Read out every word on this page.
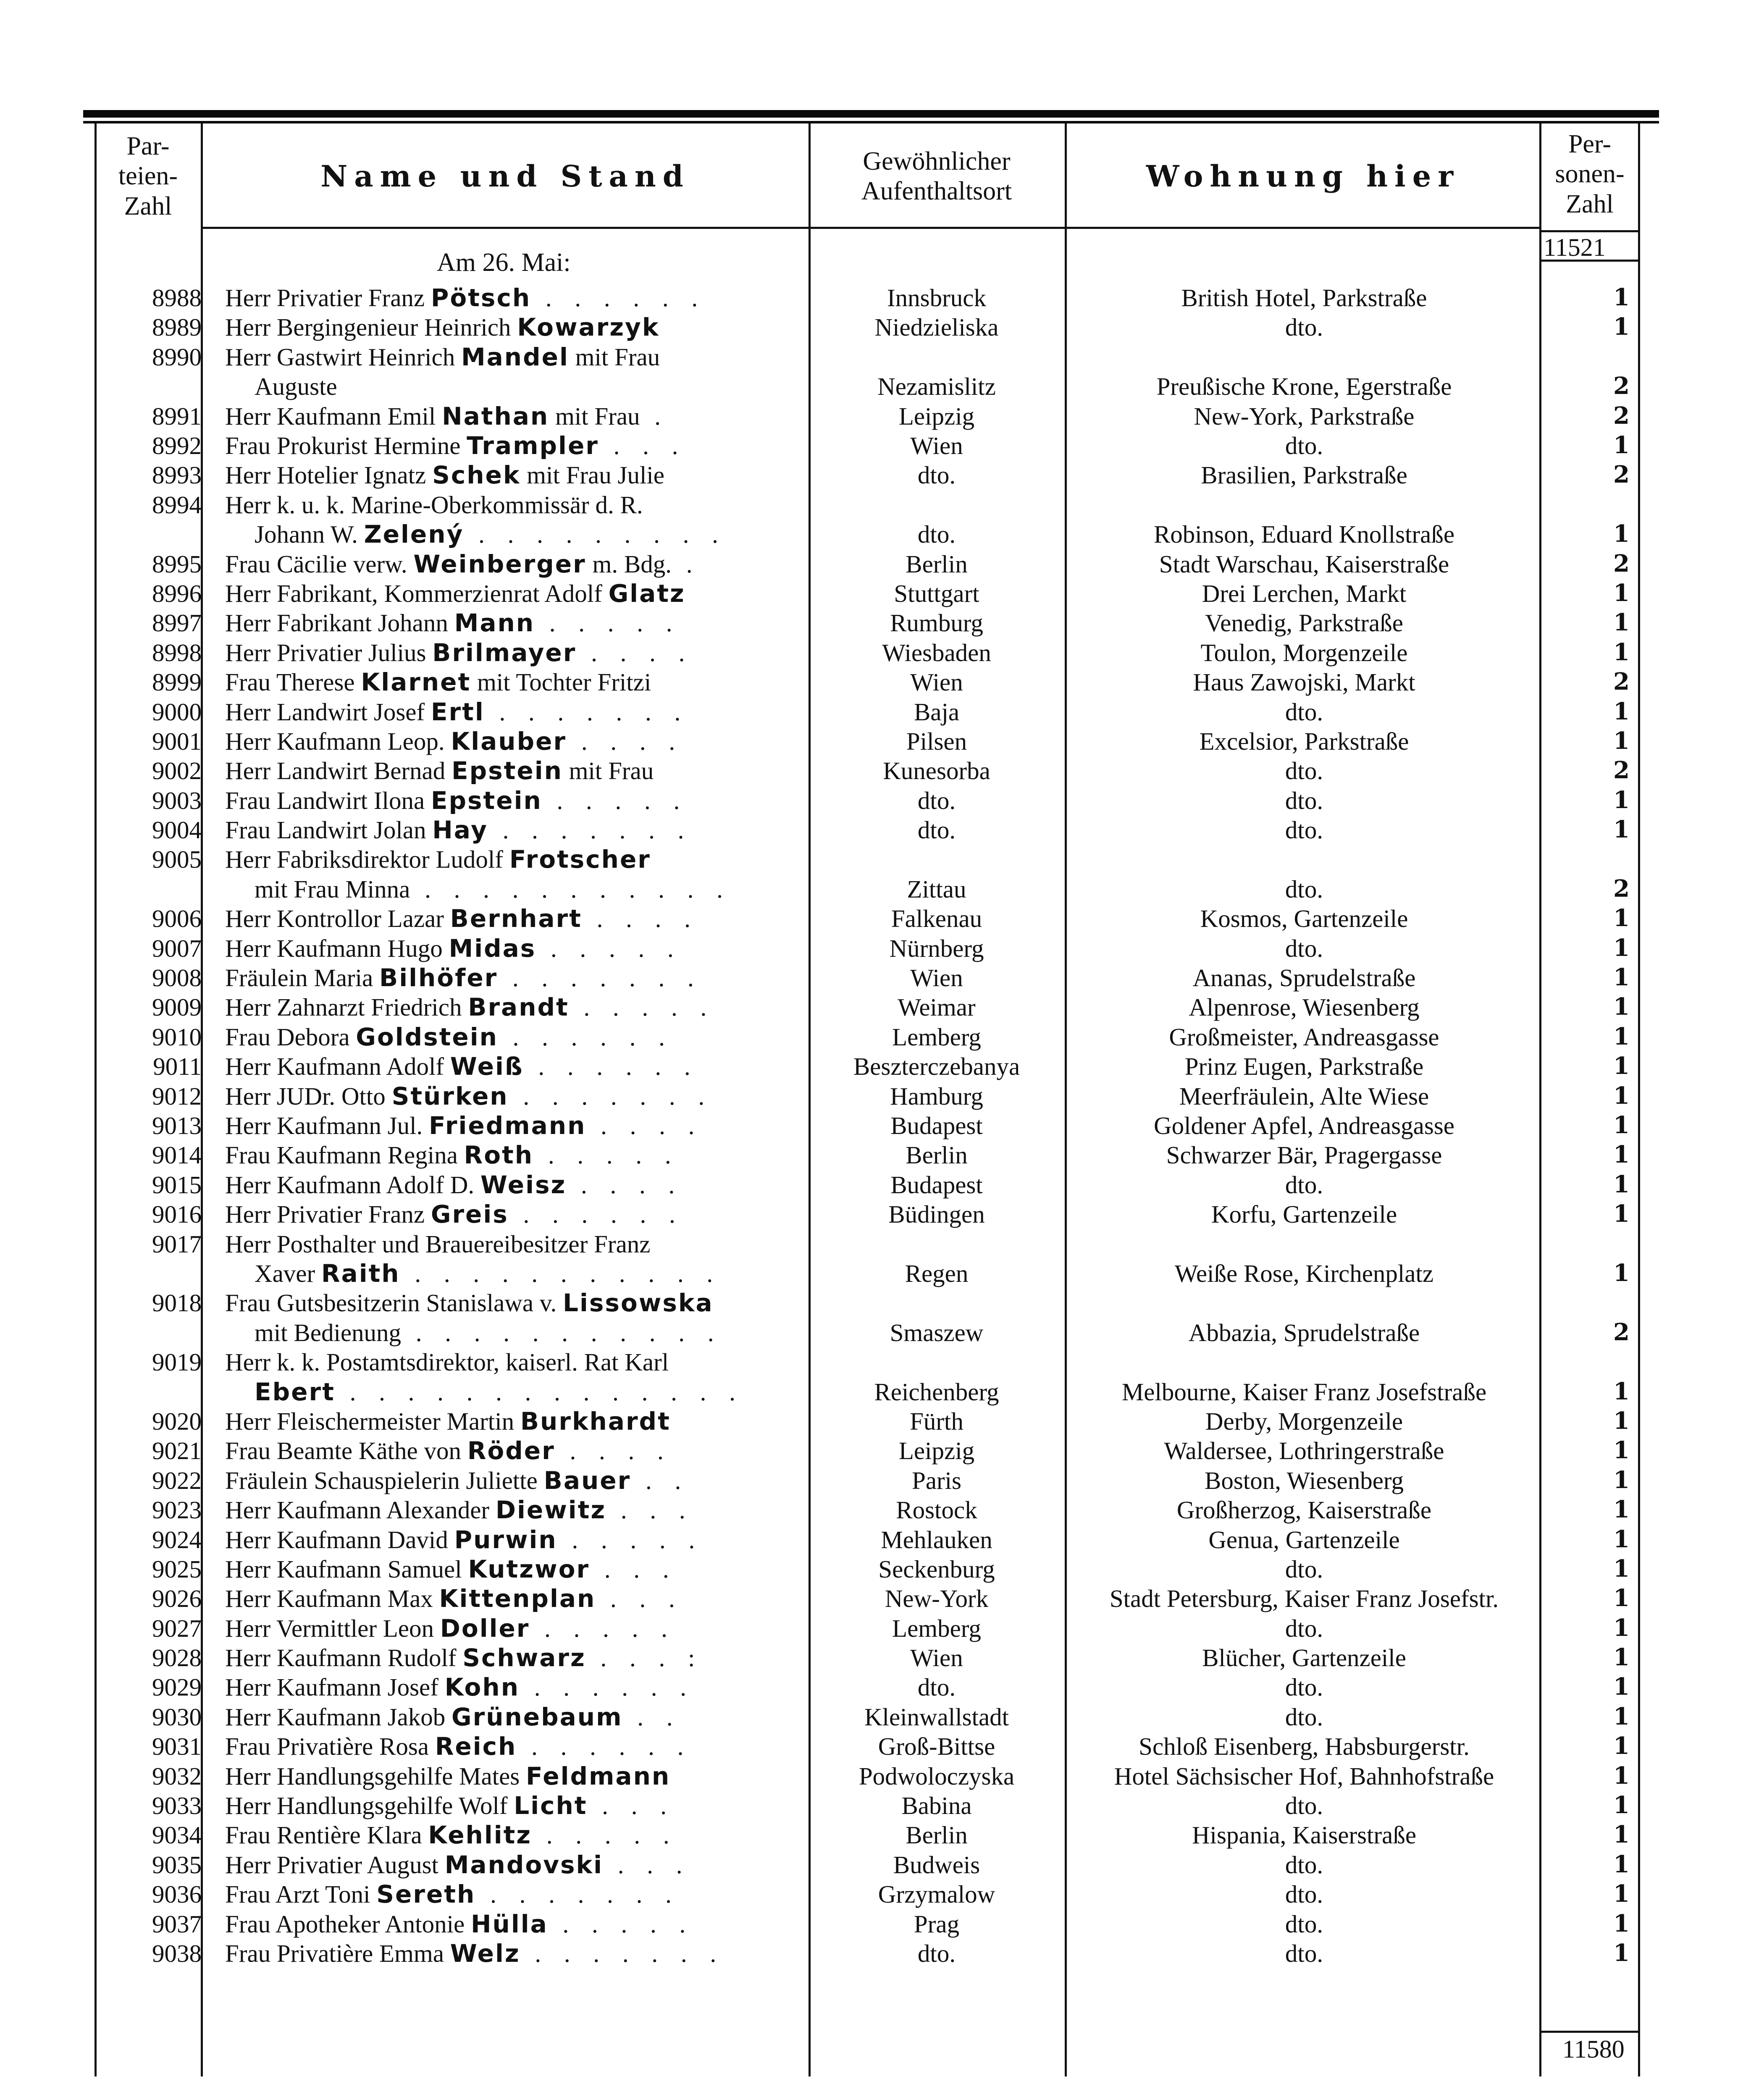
Par-
teien-
Zahl
Name und Stand	Gewöhnlicher
Aufenthaltsort	Wohnung hier
Per-
sonen-
Zahl
11521
Am 26. Mai:
8988 Herr Privatier Franz Pötsch . . . . . .	Innsbruck	British Hotel, Parkstraße	1
8989 Herr Bergingenieur Heinrich Kowarzyk	Niedzieliska	dto.	1
8990 Herr Gastwirt Heinrich Mandel mit Frau
Auguste	Nezamislitz	Preußische Krone, Egerstraße	2
8991 Herr Kaufmann Emil Nathan mit Frau .	Leipzig	New-York, Parkstraße	2
8992 Frau Prokurist Hermine Trampler . . .	Wien	dto.	1
8993 Herr Hotelier Ignatz Schek mit Frau Julie	dto.	Brasilien, Parkstraße	2
8994 Herr k. u. k. Marine-Oberkommissär d. R.
Johann W. Zelený . . . . . . . . .	dto.	Robinson, Eduard Knollstraße	1
8995 Frau Cäcilie verw. Weinberger m. Bdg. .	Berlin	Stadt Warschau, Kaiserstraße	2
8996 Herr Fabrikant, Kommerzienrat Adolf Glatz	Stuttgart	Drei Lerchen, Markt	1
8997 Herr Fabrikant Johann Mann . . . . .	Rumburg	Venedig, Parkstraße	1
8998 Herr Privatier Julius Brilmayer . . . .	Wiesbaden	Toulon, Morgenzeile	1
8999 Frau Therese Klarnet mit Tochter Fritzi	Wien	Haus Zawojski, Markt	2
9000 Herr Landwirt Josef Ertl . . . . . . .	Baja	dto.	1
9001 Herr Kaufmann Leop. Klauber . . . .	Pilsen	Excelsior, Parkstraße	1
9002 Herr Landwirt Bernad Epstein mit Frau	Kunesorba	dto.	2
9003 Frau Landwirt Ilona Epstein . . . . .	dto.	dto.	1
9004 Frau Landwirt Jolan Hay . . . . . . .	dto.	dto.	1
9005 Herr Fabriksdirektor Ludolf Frotscher
mit Frau Minna . . . . . . . . . . .	Zittau	dto.	2
9006 Herr Kontrollor Lazar Bernhart . . . .	Falkenau	Kosmos, Gartenzeile	1
9007 Herr Kaufmann Hugo Midas . . . . .	Nürnberg	dto.	1
9008 Fräulein Maria Bilhöfer . . . . . . .	Wien	Ananas, Sprudelstraße	1
9009 Herr Zahnarzt Friedrich Brandt . . . . .	Weimar	Alpenrose, Wiesenberg	1
9010 Frau Debora Goldstein . . . . . .	Lemberg	Großmeister, Andreasgasse	1
9011 Herr Kaufmann Adolf Weiß . . . . . .	Beszterczebanya	Prinz Eugen, Parkstraße	1
9012 Herr JUDr. Otto Stürken . . . . . . .	Hamburg	Meerfräulein, Alte Wiese	1
9013 Herr Kaufmann Jul. Friedmann . . . .	Budapest	Goldener Apfel, Andreasgasse	1
9014 Frau Kaufmann Regina Roth . . . . .	Berlin	Schwarzer Bär, Pragergasse	1
9015 Herr Kaufmann Adolf D. Weisz . . . .	Budapest	dto.	1
9016 Herr Privatier Franz Greis . . . . . .	Büdingen	Korfu, Gartenzeile	1
9017 Herr Posthalter und Brauereibesitzer Franz
Xaver Raith . . . . . . . . . . .	Regen	Weiße Rose, Kirchenplatz	1
9018 Frau Gutsbesitzerin Stanislawa v. Lissowska
mit Bedienung . . . . . . . . . . .	Smaszew	Abbazia, Sprudelstraße	2
9019 Herr k. k. Postamtsdirektor, kaiserl. Rat Karl
Ebert . . . . . . . . . . . . . .	Reichenberg	Melbourne, Kaiser Franz Josefstraße	1
9020 Herr Fleischermeister Martin Burkhardt	Fürth	Derby, Morgenzeile	1
9021 Frau Beamte Käthe von Röder . . . .	Leipzig	Waldersee, Lothringerstraße	1
9022 Fräulein Schauspielerin Juliette Bauer . .	Paris	Boston, Wiesenberg	1
9023 Herr Kaufmann Alexander Diewitz . . .	Rostock	Großherzog, Kaiserstraße	1
9024 Herr Kaufmann David Purwin . . . . .	Mehlauken	Genua, Gartenzeile	1
9025 Herr Kaufmann Samuel Kutzwor . . .	Seckenburg	dto.	1
9026 Herr Kaufmann Max Kittenplan . . .	New-York	Stadt Petersburg, Kaiser Franz Josefstr.	1
9027 Herr Vermittler Leon Doller . . . . .	Lemberg	dto.	1
9028 Herr Kaufmann Rudolf Schwarz . . . :	Wien	Blücher, Gartenzeile	1
9029 Herr Kaufmann Josef Kohn . . . . . .	dto.	dto.	1
9030 Herr Kaufmann Jakob Grünebaum . .	Kleinwallstadt	dto.	1
9031 Frau Privatière Rosa Reich . . . . . .	Groß-Bittse	Schloß Eisenberg, Habsburgerstr.	1
9032 Herr Handlungsgehilfe Mates Feldmann	Podwoloczyska	Hotel Sächsischer Hof, Bahnhofstraße	1
9033 Herr Handlungsgehilfe Wolf Licht . . .	Babina	dto.	1
9034 Frau Rentière Klara Kehlitz . . . . .	Berlin	Hispania, Kaiserstraße	1
9035 Herr Privatier August Mandovski . . .	Budweis	dto.	1
9036 Frau Arzt Toni Sereth . . . . . . .	Grzymalow	dto.	1
9037 Frau Apotheker Antonie Hülla . . . . .	Prag	dto.	1
9038 Frau Privatière Emma Welz . . . . . . .	dto.	dto.	1
11580
